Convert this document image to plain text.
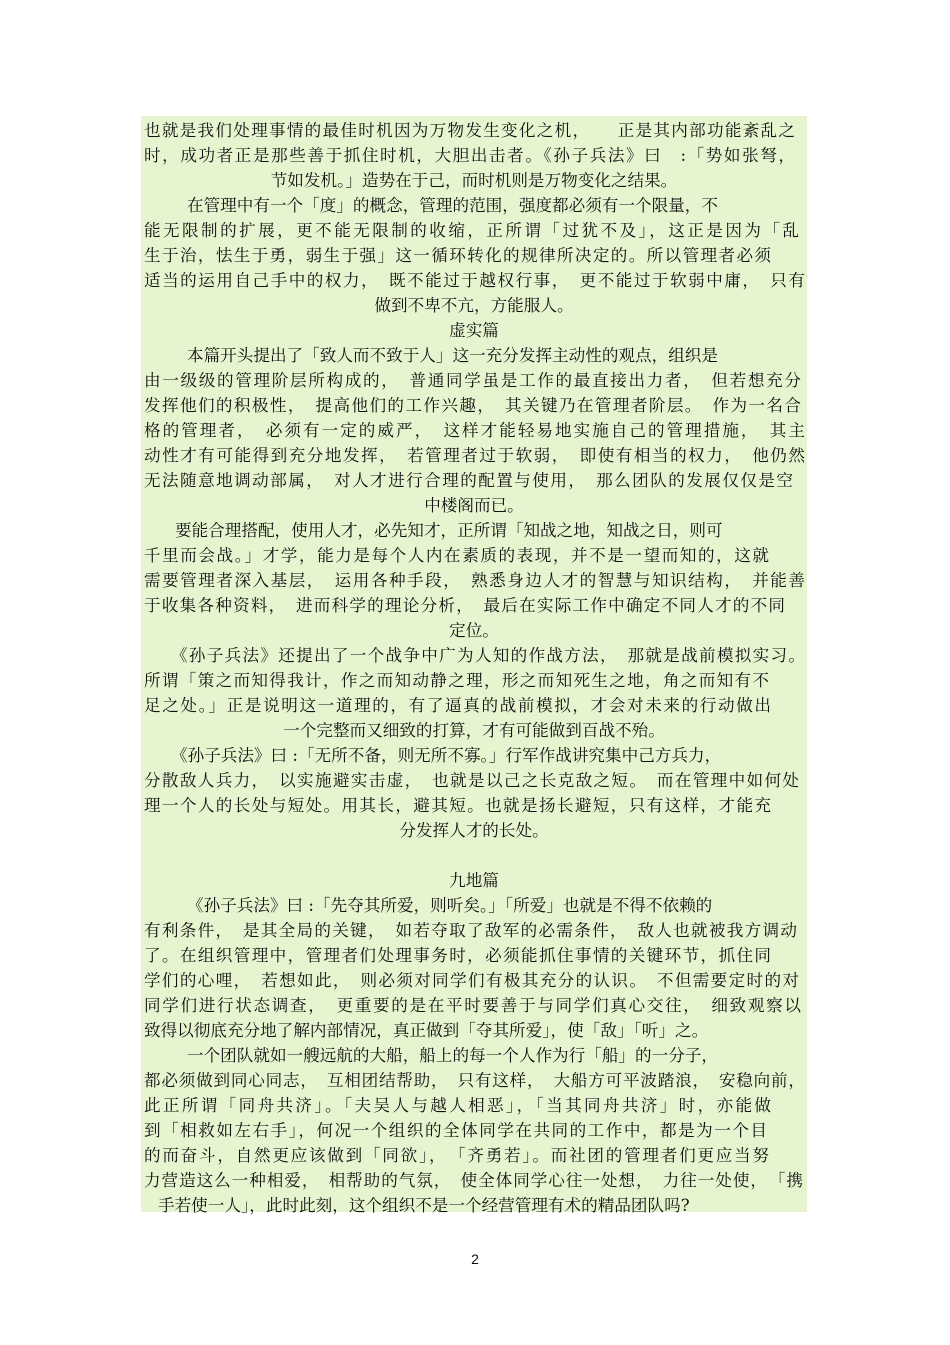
也就是我们处理事情的最佳时机因为万物发生变化之机，　　正是其内部功能紊乱之
时，成功者正是那些善于抓住时机，大胆出击者。《孙子兵法》曰　:「势如张弩，
节如发机。」造势在于己，而时机则是万物变化之结果。
在管理中有一个「度」的概念，管理的范围，强度都必须有一个限量，不
能无限制的扩展，更不能无限制的收缩，正所谓「过犹不及」，这正是因为「乱
生于治，怯生于勇，弱生于强」这一循环转化的规律所决定的。所以管理者必须
适当的运用自己手中的权力，　既不能过于越权行事，　更不能过于软弱中庸，　只有
做到不卑不亢，方能服人。
虚实篇
本篇开头提出了「致人而不致于人」这一充分发挥主动性的观点，组织是
由一级级的管理阶层所构成的，　普通同学虽是工作的最直接出力者，　但若想充分
发挥他们的积极性，　提高他们的工作兴趣，　其关键乃在管理者阶层。　作为一名合
格的管理者，　必须有一定的威严，　这样才能轻易地实施自己的管理措施，　其主
动性才有可能得到充分地发挥，　若管理者过于软弱，　即使有相当的权力，　他仍然
无法随意地调动部属，　对人才进行合理的配置与使用，　那么团队的发展仅仅是空
中楼阁而已。
要能合理搭配，使用人才，必先知才，正所谓「知战之地，知战之日，则可
千里而会战。」才学，能力是每个人内在素质的表现，并不是一望而知的，这就
需要管理者深入基层，　运用各种手段，　熟悉身边人才的智慧与知识结构，　并能善
于收集各种资料，　进而科学的理论分析，　最后在实际工作中确定不同人才的不同
定位。
《孙子兵法》还提出了一个战争中广为人知的作战方法，　那就是战前模拟实习。
所谓「策之而知得我计，作之而知动静之理，形之而知死生之地，角之而知有不
足之处。」正是说明这一道理的，有了逼真的战前模拟，才会对未来的行动做出
一个完整而又细致的打算，才有可能做到百战不殆。
《孙子兵法》曰 :「无所不备，则无所不寡。」行军作战讲究集中己方兵力，
分散敌人兵力，　以实施避实击虚，　也就是以己之长克敌之短。　而在管理中如何处
理一个人的长处与短处。用其长，避其短。也就是扬长避短，只有这样，才能充
分发挥人才的长处。
九地篇
《孙子兵法》曰 :「先夺其所爱，则听矣。」「所爱」也就是不得不依赖的
有利条件，　是其全局的关键，　如若夺取了敌军的必需条件，　敌人也就被我方调动
了。在组织管理中，管理者们处理事务时，必须能抓住事情的关键环节，抓住同
学们的心哩，　若想如此，　则必须对同学们有极其充分的认识。　不但需要定时的对
同学们进行状态调查，　更重要的是在平时要善于与同学们真心交往，　细致观察以
致得以彻底充分地了解内部情况，真正做到「夺其所爱」，使「敌」「听」之。
一个团队就如一艘远航的大船，船上的每一个人作为行「船」的一分子，
都必须做到同心同志，　互相团结帮助，　只有这样，　大船方可平波踏浪，　安稳向前，
此正所谓「同舟共济」。「夫吴人与越人相恶」，「当其同舟共济」时，亦能做
到「相救如左右手」，何况一个组织的全体同学在共同的工作中，都是为一个目
的而奋斗，自然更应该做到「同欲」，　「齐勇若」。而社团的管理者们更应当努
力营造这么一种相爱，　相帮助的气氛，　使全体同学心往一处想，　力往一处使，　「携
手若使一人」，此时此刻，这个组织不是一个经营管理有术的精品团队吗?
2
